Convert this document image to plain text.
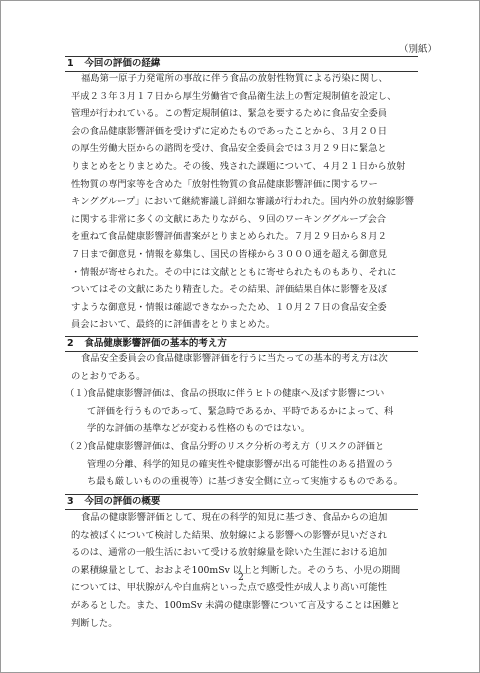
（別紙）
1 今回の評価の経緯
福島第一原子力発電所の事故に伴う食品の放射性物質による汚染に関し、
平成２３年３月１７日から厚生労働省で食品衛生法上の暫定規制値を設定し、
管理が行われている。この暫定規制値は、緊急を要するために食品安全委員
会の食品健康影響評価を受けずに定めたものであったことから、３月２０日
の厚生労働大臣からの諮問を受け、食品安全委員会では３月２９日に緊急と
りまとめをとりまとめた。その後、残された課題について、４月２１日から放射
性物質の専門家等を含めた「放射性物質の食品健康影響評価に関するワー
キンググループ」において継続審議し詳細な審議が行われた。国内外の放射線影響
に関する非常に多くの文献にあたりながら、９回のワーキンググループ会合
を重ねて食品健康影響評価書案がとりまとめられた。７月２９日から８月２
７日まで御意見・情報を募集し、国民の皆様から３０００通を超える御意見
・情報が寄せられた。その中には文献とともに寄せられたものもあり、それに
ついてはその文献にあたり精査した。その結果、評価結果自体に影響を及ぼ
すような御意見・情報は確認できなかったため、１０月２７日の食品安全委
員会において、最終的に評価書をとりまとめた。
2 食品健康影響評価の基本的考え方
食品安全委員会の食品健康影響評価を行うに当たっての基本的考え方は次
のとおりである。
（１）
食品健康影響評価は、食品の摂取に伴うヒトの健康へ及ぼす影響につい
て評価を行うものであって、緊急時であるか、平時であるかによって、科
学的な評価の基準などが変わる性格のものではない。
（２）
食品健康影響評価は、食品分野のリスク分析の考え方（リスクの評価と
管理の分離、科学的知見の確実性や健康影響が出る可能性のある措置のう
ち最も厳しいものの重視等）に基づき安全側に立って実施するものである。
3 今回の評価の概要
食品の健康影響評価として、現在の科学的知見に基づき、食品からの追加
的な被ばくについて検討した結果、放射線による影響への影響が見いだされ
るのは、通常の一般生活において受ける放射線量を除いた生涯における追加
の累積線量として、おおよそ100mSv 以上と判断した。そのうち、小児の期間
については、甲状腺がんや白血病といった点で感受性が成人より高い可能性
があるとした。また、100mSv 未満の健康影響について言及することは困難と
判断した。
2
